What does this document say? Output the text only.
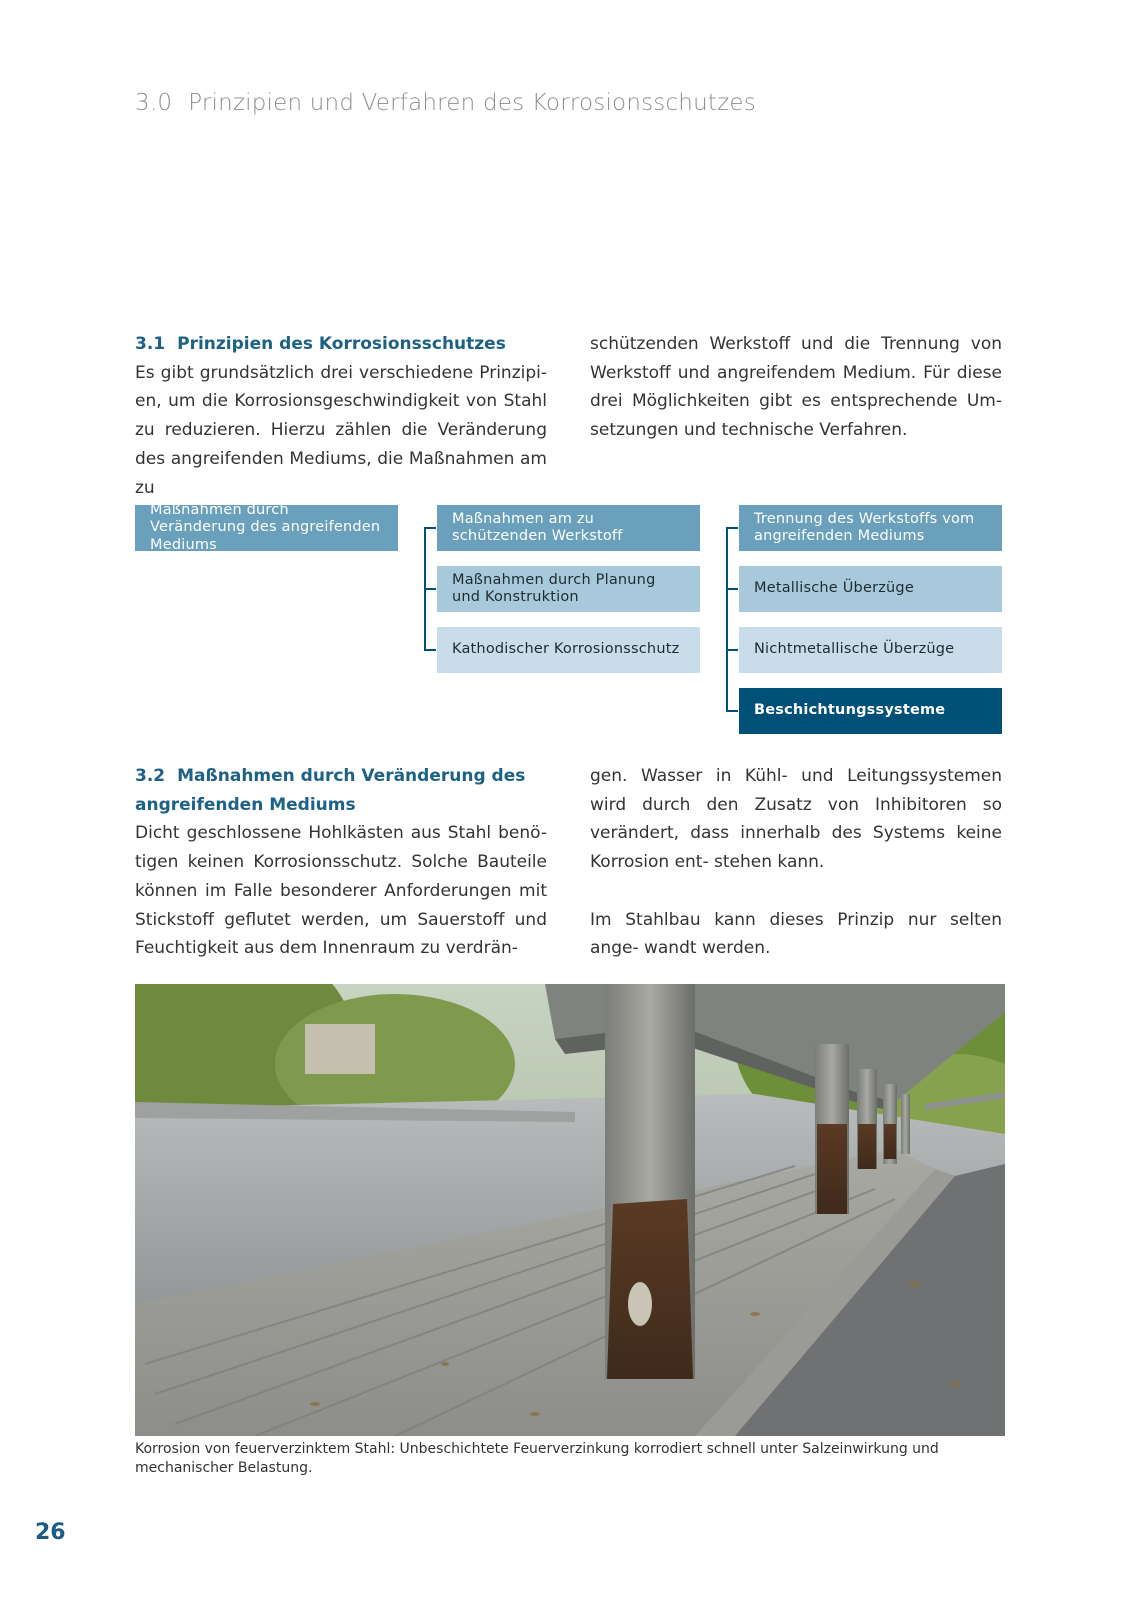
3.0 Prinzipien und Verfahren des Korrosionsschutzes
3.1 Prinzipien des Korrosionsschutzes

Es gibt grundsätzlich drei verschiedene Prinzipi- en, um die Korrosionsgeschwindigkeit von Stahl zu reduzieren. Hierzu zählen die Veränderung des angreifenden Mediums, die Maßnahmen am zu

schützenden Werkstoff und die Trennung von Werkstoff und angreifendem Medium. Für diese drei Möglichkeiten gibt es entsprechende Um- setzungen und technische Verfahren.

Maßnahmen durch Veränderung des angreifenden Mediums
Maßnahmen am zu schützenden Werkstoff
Maßnahmen durch Planung und Konstruktion
Kathodischer Korrosionsschutz
Trennung des Werkstoffs vom angreifenden Mediums
Metallische Überzüge
Nichtmetallische Überzüge
Beschichtungssysteme
3.2 Maßnahmen durch Veränderung des
angreifenden Mediums

Dicht geschlossene Hohlkästen aus Stahl benö- tigen keinen Korrosionsschutz. Solche Bauteile können im Falle besonderer Anforderungen mit Stickstoff geflutet werden, um Sauerstoff und Feuchtigkeit aus dem Innenraum zu verdrän-

gen. Wasser in Kühl- und Leitungssystemen wird durch den Zusatz von Inhibitoren so verändert, dass innerhalb des Systems keine Korrosion ent- stehen kann.

Im Stahlbau kann dieses Prinzip nur selten ange- wandt werden.

Korrosion von feuerverzinktem Stahl: Unbeschichtete Feuerverzinkung korrodiert schnell unter Salzeinwirkung und mechanischer Belastung.
26
